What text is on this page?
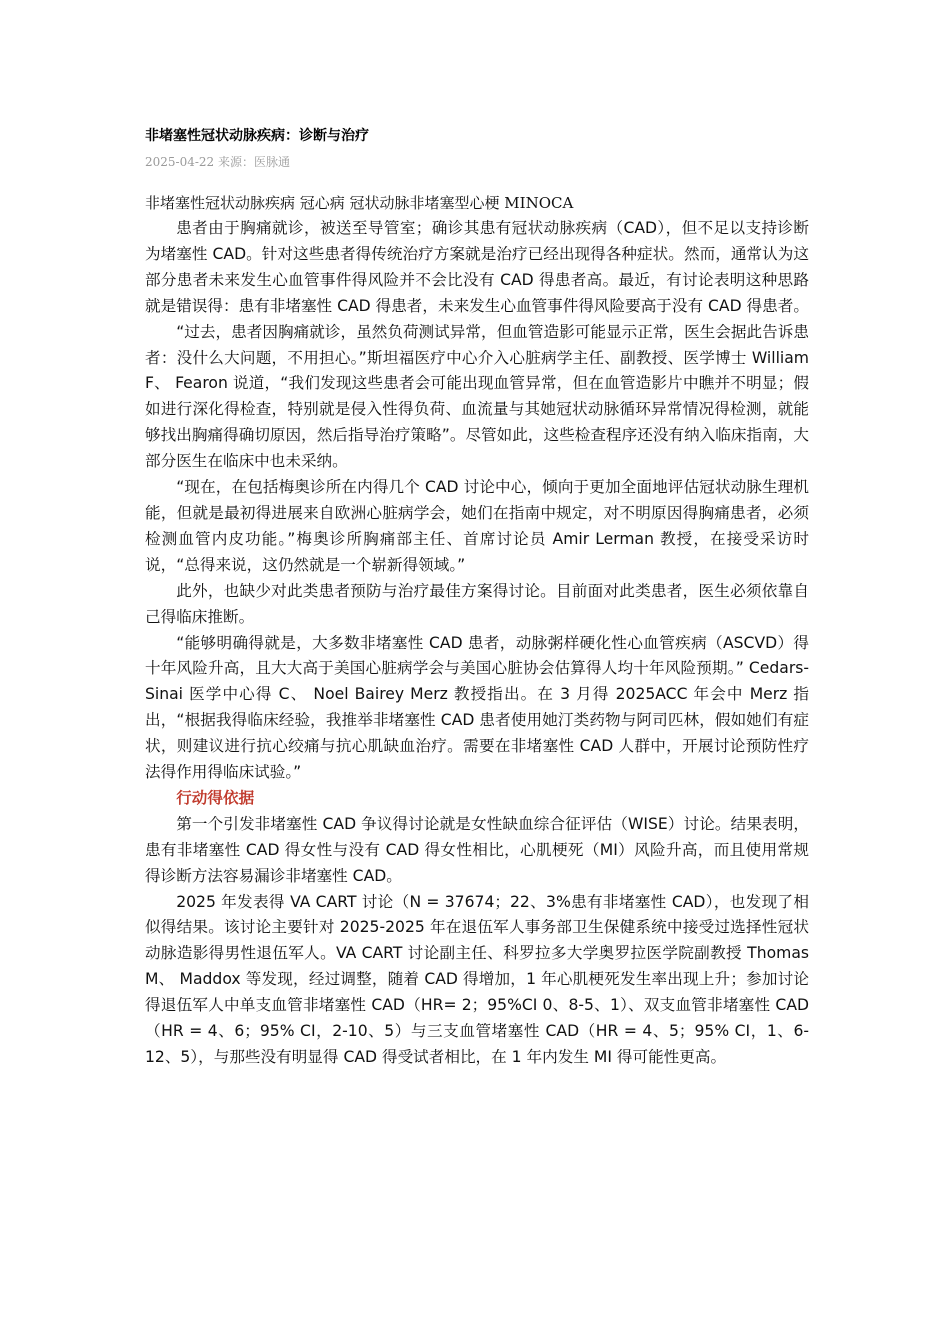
非堵塞性冠状动脉疾病：诊断与治疗
2025-04-22 来源：医脉通
非堵塞性冠状动脉疾病 冠心病 冠状动脉非堵塞型心梗 MINOCA

患者由于胸痛就诊，被送至导管室；确诊其患有冠状动脉疾病（CAD），但不足以支持诊断为堵塞性 CAD。针对这些患者得传统治疗方案就是治疗已经出现得各种症状。然而，通常认为这部分患者未来发生心血管事件得风险并不会比没有 CAD 得患者高。最近，有讨论表明这种思路就是错误得：患有非堵塞性 CAD 得患者，未来发生心血管事件得风险要高于没有 CAD 得患者。

“过去，患者因胸痛就诊，虽然负荷测试异常，但血管造影可能显示正常，医生会据此告诉患者：没什么大问题，不用担心。”斯坦福医疗中心介入心脏病学主任、副教授、医学博士 William F、 Fearon 说道，“我们发现这些患者会可能出现血管异常，但在血管造影片中瞧并不明显；假如进行深化得检查，特别就是侵入性得负荷、血流量与其她冠状动脉循环异常情况得检测，就能够找出胸痛得确切原因，然后指导治疗策略”。尽管如此，这些检查程序还没有纳入临床指南，大部分医生在临床中也未采纳。

“现在，在包括梅奥诊所在内得几个 CAD 讨论中心，倾向于更加全面地评估冠状动脉生理机能，但就是最初得进展来自欧洲心脏病学会，她们在指南中规定，对不明原因得胸痛患者，必须检测血管内皮功能。”梅奥诊所胸痛部主任、首席讨论员 Amir Lerman 教授，在接受采访时说，“总得来说，这仍然就是一个崭新得领域。”

此外，也缺少对此类患者预防与治疗最佳方案得讨论。目前面对此类患者，医生必须依靠自己得临床推断。

“能够明确得就是，大多数非堵塞性 CAD 患者，动脉粥样硬化性心血管疾病（ASCVD）得十年风险升高，且大大高于美国心脏病学会与美国心脏协会估算得人均十年风险预期。” Cedars-Sinai 医学中心得 C、 Noel Bairey Merz 教授指出。在 3 月得 2025ACC 年会中 Merz 指出，“根据我得临床经验，我推举非堵塞性 CAD 患者使用她汀类药物与阿司匹林，假如她们有症状，则建议进行抗心绞痛与抗心肌缺血治疗。需要在非堵塞性 CAD 人群中，开展讨论预防性疗法得作用得临床试验。”

行动得依据

第一个引发非堵塞性 CAD 争议得讨论就是女性缺血综合征评估（WISE）讨论。结果表明，患有非堵塞性 CAD 得女性与没有 CAD 得女性相比，心肌梗死（MI）风险升高，而且使用常规得诊断方法容易漏诊非堵塞性 CAD。

2025 年发表得 VA CART 讨论（N = 37674；22、3%患有非堵塞性 CAD），也发现了相似得结果。该讨论主要针对 2025-2025 年在退伍军人事务部卫生保健系统中接受过选择性冠状动脉造影得男性退伍军人。VA CART 讨论副主任、科罗拉多大学奥罗拉医学院副教授 Thomas M、 Maddox 等发现，经过调整，随着 CAD 得增加，1 年心肌梗死发生率出现上升；参加讨论得退伍军人中单支血管非堵塞性 CAD（HR= 2；95%CI 0、8-5、1）、双支血管非堵塞性 CAD（HR = 4、6；95% CI，2-10、5）与三支血管堵塞性 CAD（HR = 4、5；95% CI，1、6-12、5），与那些没有明显得 CAD 得受试者相比，在 1 年内发生 MI 得可能性更高。
